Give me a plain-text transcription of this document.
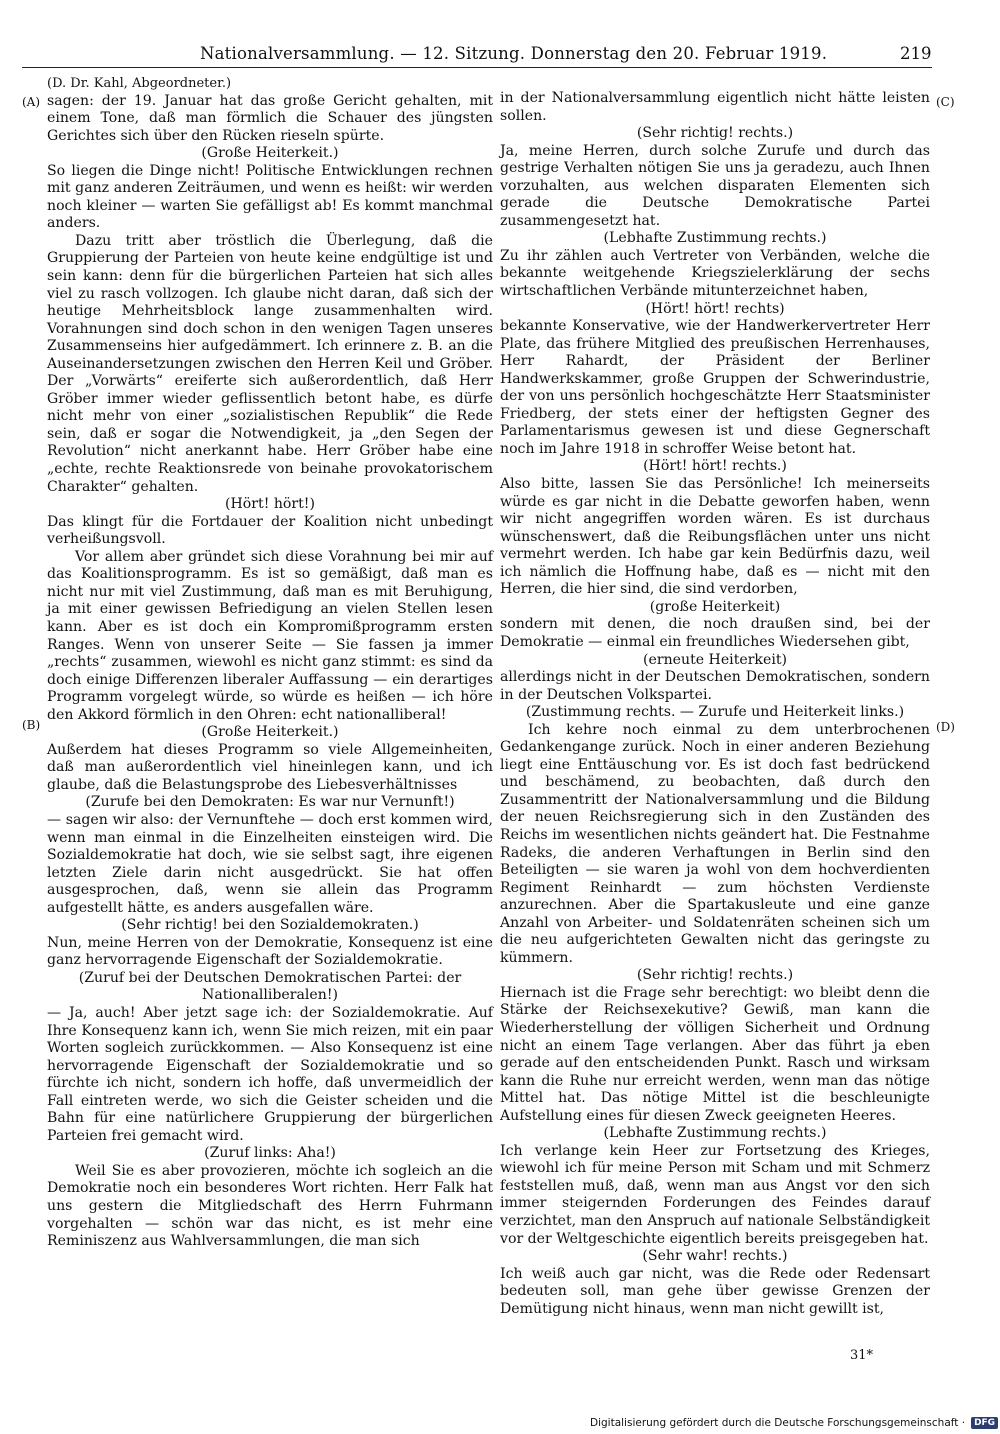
Nationalversammlung. — 12. Sitzung. Donnerstag den 20. Februar 1919.	219
(A)
(B)
(C)
(D)

(D. Dr. Kahl, Abgeordneter.)

sagen: der 19. Januar hat das große Gericht gehalten, mit einem Tone, daß man förmlich die Schauer des jüngsten Gerichtes sich über den Rücken rieseln spürte.

(Große Heiterkeit.)

So liegen die Dinge nicht! Politische Entwicklungen rechnen mit ganz anderen Zeiträumen, und wenn es heißt: wir werden noch kleiner — warten Sie gefälligst ab! Es kommt manchmal anders.

Dazu tritt aber tröstlich die Überlegung, daß die Gruppierung der Parteien von heute keine endgültige ist und sein kann: denn für die bürgerlichen Parteien hat sich alles viel zu rasch vollzogen. Ich glaube nicht daran, daß sich der heutige Mehrheitsblock lange zusammenhalten wird. Vorahnungen sind doch schon in den wenigen Tagen unseres Zusammenseins hier aufgedämmert. Ich erinnere z. B. an die Auseinandersetzungen zwischen den Herren Keil und Gröber. Der „Vorwärts“ ereiferte sich außerordentlich, daß Herr Gröber immer wieder geflissentlich betont habe, es dürfe nicht mehr von einer „sozialistischen Republik“ die Rede sein, daß er sogar die Notwendigkeit, ja „den Segen der Revolution“ nicht anerkannt habe. Herr Gröber habe eine „echte, rechte Reaktionsrede von beinahe provokatorischem Charakter“ gehalten.

(Hört! hört!)

Das klingt für die Fortdauer der Koalition nicht unbedingt verheißungsvoll.

Vor allem aber gründet sich diese Vorahnung bei mir auf das Koalitionsprogramm. Es ist so gemäßigt, daß man es nicht nur mit viel Zustimmung, daß man es mit Beruhigung, ja mit einer gewissen Befriedigung an vielen Stellen lesen kann. Aber es ist doch ein Kompromißprogramm ersten Ranges. Wenn von unserer Seite — Sie fassen ja immer „rechts“ zusammen, wiewohl es nicht ganz stimmt: es sind da doch einige Differenzen liberaler Auffassung — ein derartiges Programm vorgelegt würde, so würde es heißen — ich höre den Akkord förmlich in den Ohren: echt nationalliberal!

(Große Heiterkeit.)

Außerdem hat dieses Programm so viele Allgemeinheiten, daß man außerordentlich viel hineinlegen kann, und ich glaube, daß die Belastungsprobe des Liebesverhältnisses

(Zurufe bei den Demokraten: Es war nur Vernunft!)

— sagen wir also: der Vernunftehe — doch erst kommen wird, wenn man einmal in die Einzelheiten einsteigen wird. Die Sozialdemokratie hat doch, wie sie selbst sagt, ihre eigenen letzten Ziele darin nicht ausgedrückt. Sie hat offen ausgesprochen, daß, wenn sie allein das Programm aufgestellt hätte, es anders ausgefallen wäre.

(Sehr richtig! bei den Sozialdemokraten.)

Nun, meine Herren von der Demokratie, Konsequenz ist eine ganz hervorragende Eigenschaft der Sozialdemokratie.

(Zuruf bei der Deutschen Demokratischen Partei: der Nationalliberalen!)

— Ja, auch! Aber jetzt sage ich: der Sozialdemokratie. Auf Ihre Konsequenz kann ich, wenn Sie mich reizen, mit ein paar Worten sogleich zurückkommen. — Also Konsequenz ist eine hervorragende Eigenschaft der Sozialdemokratie und so fürchte ich nicht, sondern ich hoffe, daß unvermeidlich der Fall eintreten werde, wo sich die Geister scheiden und die Bahn für eine natürlichere Gruppierung der bürgerlichen Parteien frei gemacht wird.

(Zuruf links: Aha!)

Weil Sie es aber provozieren, möchte ich sogleich an die Demokratie noch ein besonderes Wort richten. Herr Falk hat uns gestern die Mitgliedschaft des Herrn Fuhrmann vorgehalten — schön war das nicht, es ist mehr eine Reminiszenz aus Wahlversammlungen, die man sich

in der Nationalversammlung eigentlich nicht hätte leisten sollen.

(Sehr richtig! rechts.)

Ja, meine Herren, durch solche Zurufe und durch das gestrige Verhalten nötigen Sie uns ja geradezu, auch Ihnen vorzuhalten, aus welchen disparaten Elementen sich gerade die Deutsche Demokratische Partei zusammengesetzt hat.

(Lebhafte Zustimmung rechts.)

Zu ihr zählen auch Vertreter von Verbänden, welche die bekannte weitgehende Kriegszielerklärung der sechs wirtschaftlichen Verbände mitunterzeichnet haben,

(Hört! hört! rechts)

bekannte Konservative, wie der Handwerkervertreter Herr Plate, das frühere Mitglied des preußischen Herrenhauses, Herr Rahardt, der Präsident der Berliner Handwerkskammer, große Gruppen der Schwerindustrie, der von uns persönlich hochgeschätzte Herr Staatsminister Friedberg, der stets einer der heftigsten Gegner des Parlamentarismus gewesen ist und diese Gegnerschaft noch im Jahre 1918 in schroffer Weise betont hat.

(Hört! hört! rechts.)

Also bitte, lassen Sie das Persönliche! Ich meinerseits würde es gar nicht in die Debatte geworfen haben, wenn wir nicht angegriffen worden wären. Es ist durchaus wünschenswert, daß die Reibungsflächen unter uns nicht vermehrt werden. Ich habe gar kein Bedürfnis dazu, weil ich nämlich die Hoffnung habe, daß es — nicht mit den Herren, die hier sind, die sind verdorben,

(große Heiterkeit)

sondern mit denen, die noch draußen sind, bei der Demokratie — einmal ein freundliches Wiedersehen gibt,

(erneute Heiterkeit)

allerdings nicht in der Deutschen Demokratischen, sondern in der Deutschen Volkspartei.

(Zustimmung rechts. — Zurufe und Heiterkeit links.)

Ich kehre noch einmal zu dem unterbrochenen Gedankengange zurück. Noch in einer anderen Beziehung liegt eine Enttäuschung vor. Es ist doch fast bedrückend und beschämend, zu beobachten, daß durch den Zusammentritt der Nationalversammlung und die Bildung der neuen Reichsregierung sich in den Zuständen des Reichs im wesentlichen nichts geändert hat. Die Festnahme Radeks, die anderen Verhaftungen in Berlin sind den Beteiligten — sie waren ja wohl von dem hochverdienten Regiment Reinhardt — zum höchsten Verdienste anzurechnen. Aber die Spartakusleute und eine ganze Anzahl von Arbeiter- und Soldatenräten scheinen sich um die neu aufgerichteten Gewalten nicht das geringste zu kümmern.

(Sehr richtig! rechts.)

Hiernach ist die Frage sehr berechtigt: wo bleibt denn die Stärke der Reichsexekutive? Gewiß, man kann die Wiederherstellung der völligen Sicherheit und Ordnung nicht an einem Tage verlangen. Aber das führt ja eben gerade auf den entscheidenden Punkt. Rasch und wirksam kann die Ruhe nur erreicht werden, wenn man das nötige Mittel hat. Das nötige Mittel ist die beschleunigte Aufstellung eines für diesen Zweck geeigneten Heeres.

(Lebhafte Zustimmung rechts.)

Ich verlange kein Heer zur Fortsetzung des Krieges, wiewohl ich für meine Person mit Scham und mit Schmerz feststellen muß, daß, wenn man aus Angst vor den sich immer steigernden Forderungen des Feindes darauf verzichtet, man den Anspruch auf nationale Selbständigkeit vor der Weltgeschichte eigentlich bereits preisgegeben hat.

(Sehr wahr! rechts.)

Ich weiß auch gar nicht, was die Rede oder Redensart bedeuten soll, man gehe über gewisse Grenzen der Demütigung nicht hinaus, wenn man nicht gewillt ist,

31*
Digitalisierung gefördert durch die Deutsche Forschungsgemeinschaft ·	DFG
